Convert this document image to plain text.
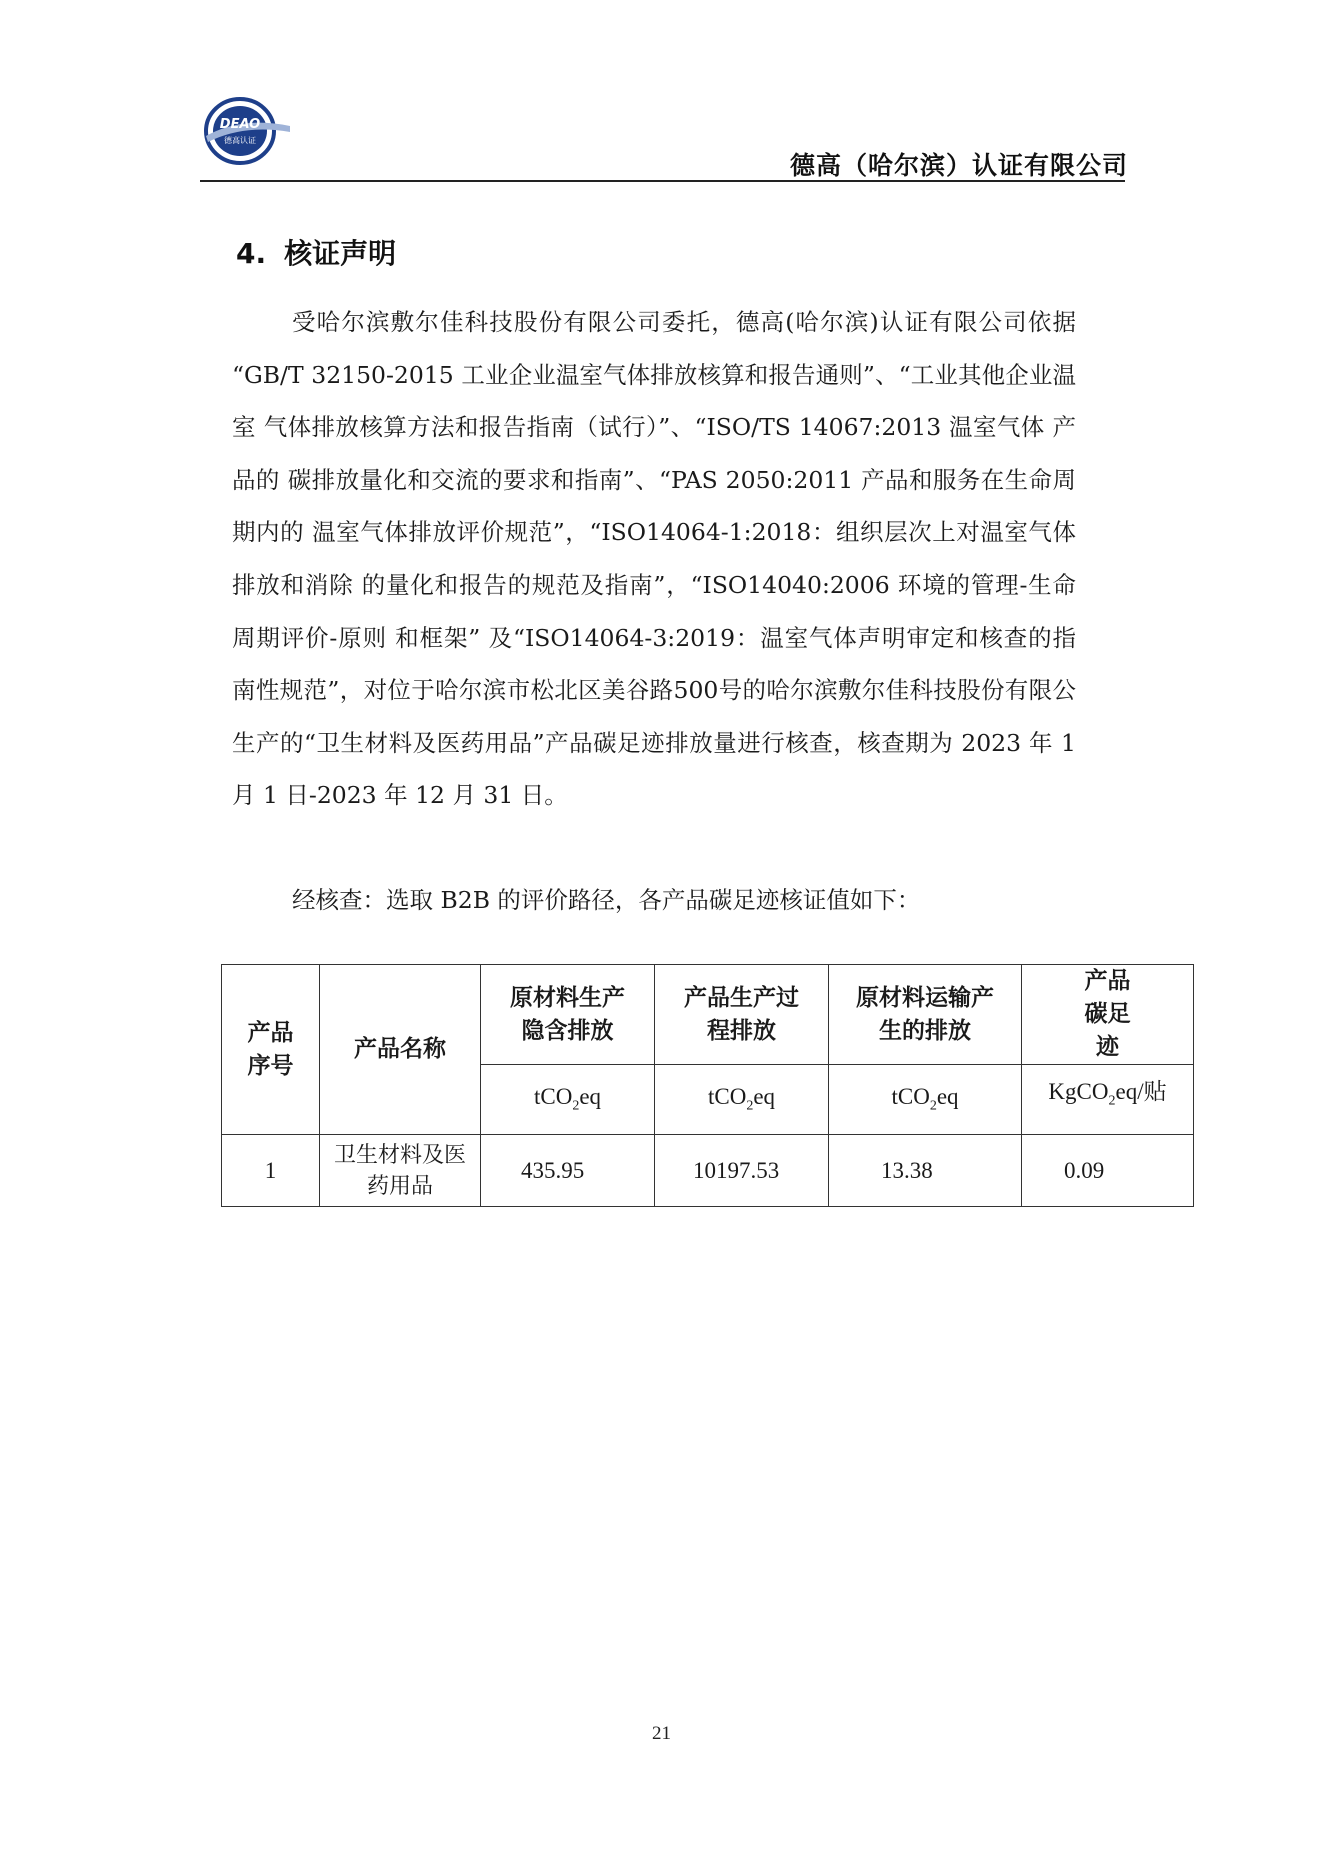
DEAO
德高认证
德高（哈尔滨）认证有限公司
4. 核证声明

受哈尔滨敷尔佳科技股份有限公司委托，德高(哈尔滨)认证有限公司依据 “GB/T 32150-2015 工业企业温室气体排放核算和报告通则”、“工业其他企业温室 气体排放核算方法和报告指南（试行）”、“ISO/TS 14067:2013 温室气体 产品的 碳排放量化和交流的要求和指南”、“PAS 2050:2011 产品和服务在生命周期内的 温室气体排放评价规范”，“ISO14064-1:2018：组织层次上对温室气体排放和消除 的量化和报告的规范及指南”，“ISO14040:2006 环境的管理-生命周期评价-原则 和框架” 及“ISO14064-3:2019：温室气体声明审定和核查的指南性规范”，对位于哈尔滨市松北区美谷路500号的哈尔滨敷尔佳科技股份有限公生产的“卫生材料及医药用品”产品碳足迹排放量进行核查，核查期为 2023 年 1 月 1 日-2023 年 12 月 31 日。

经核查：选取 B2B 的评价路径，各产品碳足迹核证值如下：

产品序号	产品名称	原材料生产隐含排放	产品生产过程排放	原材料运输产生的排放	产品碳足迹
		tCO$_2$eq	tCO$_2$eq	tCO$_2$eq	KgCO$_2$eq/贴
1	卫生材料及医药用品	435.95	10197.53	13.38	0.09
21
